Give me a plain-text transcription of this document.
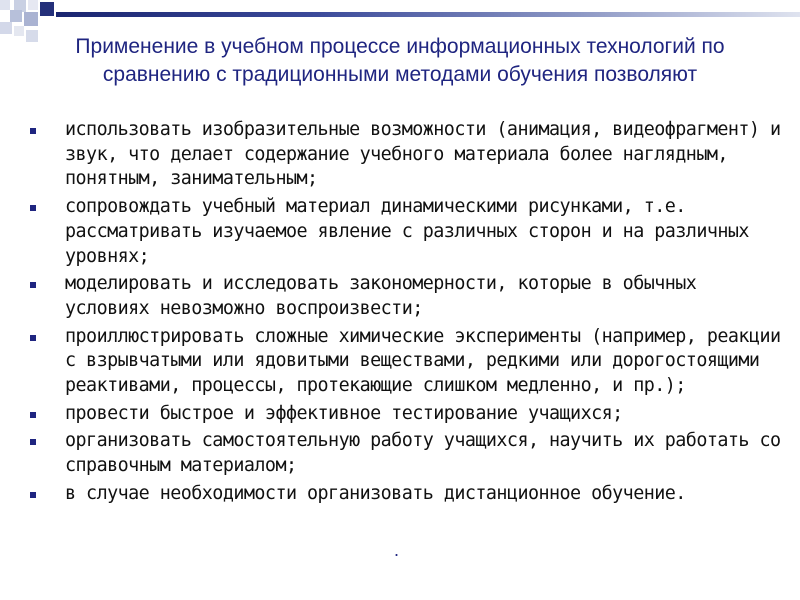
Применение в учебном процессе информационных технологий по сравнению с традиционными методами обучения позволяют
использовать изобразительные возможности (анимация, видеофрагмент) и звук, что делает содержание учебного материала более наглядным, понятным, занимательным;
сопровождать учебный материал динамическими рисунками, т.е. рассматривать изучаемое явление с различных сторон и на различных уровнях;
моделировать и исследовать закономерности, которые в обычных условиях невозможно воспроизвести;
проиллюстрировать сложные химические эксперименты (например, реакции с взрывчатыми или ядовитыми веществами, редкими или дорогостоящими реактивами, процессы, протекающие слишком медленно, и пр.);
провести быстрое и эффективное тестирование учащихся;
организовать самостоятельную работу учащихся, научить их работать со справочным материалом;
в случае необходимости организовать дистанционное обучение.
.
